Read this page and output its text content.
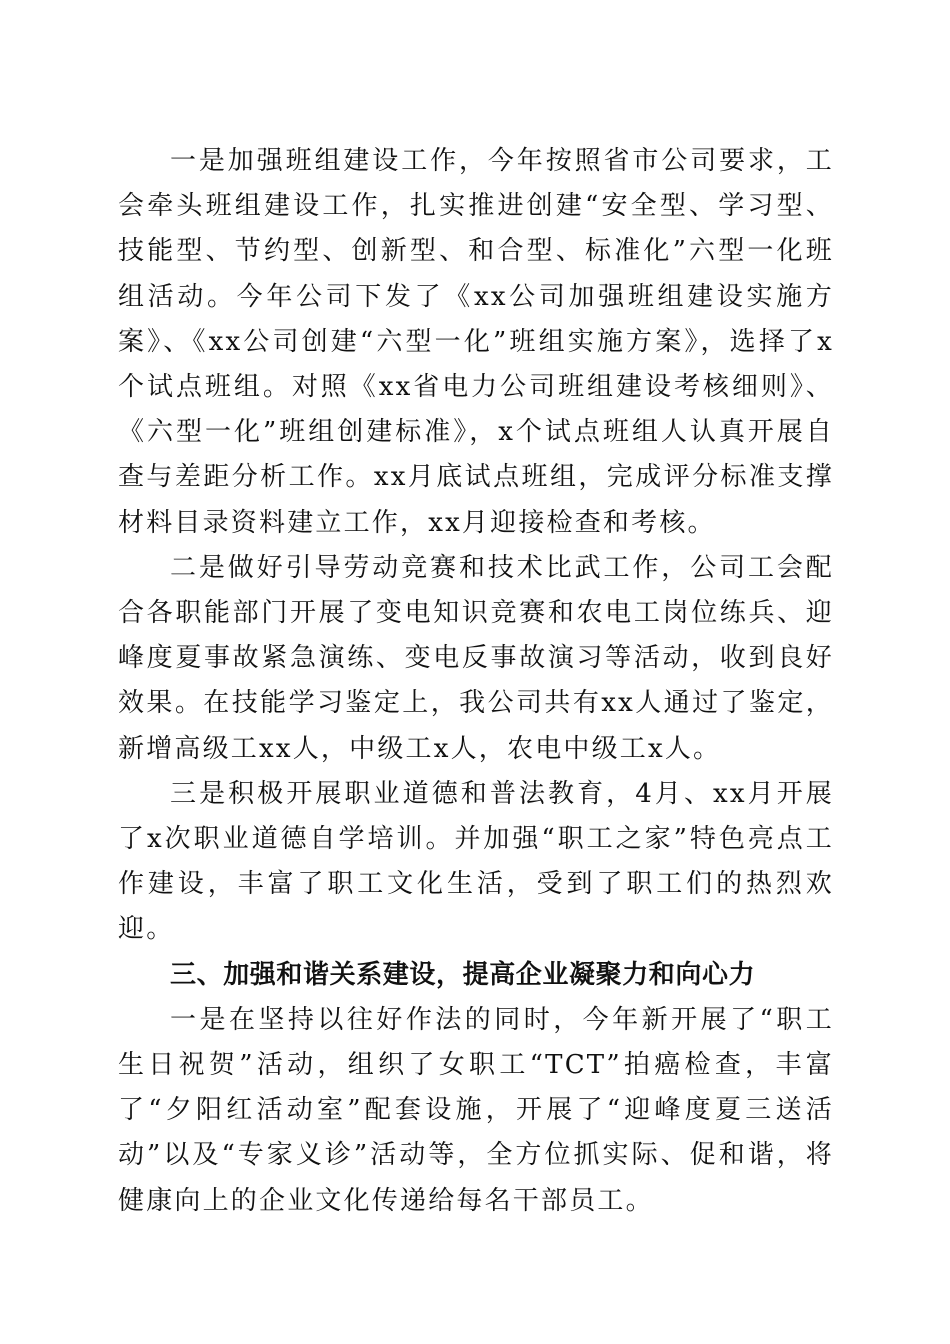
一是加强班组建设工作，今年按照省市公司要求，工会牵头班组建设工作，扎实推进创建“安全型、学习型、技能型、节约型、创新型、和合型、标准化”六型一化班组活动。今年公司下发了《xx公司加强班组建设实施方案》、《xx公司创建“六型一化”班组实施方案》，选择了x个试点班组。对照《xx省电力公司班组建设考核细则》、《六型一化”班组创建标准》，x个试点班组人认真开展自查与差距分析工作。xx月底试点班组，完成评分标准支撑材料目录资料建立工作，xx月迎接检查和考核。

二是做好引导劳动竞赛和技术比武工作，公司工会配合各职能部门开展了变电知识竞赛和农电工岗位练兵、迎峰度夏事故紧急演练、变电反事故演习等活动，收到良好效果。在技能学习鉴定上，我公司共有xx人通过了鉴定，新增高级工xx人，中级工x人，农电中级工x人。

三是积极开展职业道德和普法教育，4月、xx月开展了x次职业道德自学培训。并加强“职工之家”特色亮点工作建设，丰富了职工文化生活，受到了职工们的热烈欢迎。

三、加强和谐关系建设，提高企业凝聚力和向心力

一是在坚持以往好作法的同时，今年新开展了“职工生日祝贺”活动，组织了女职工“TCT”拍癌检查，丰富了“夕阳红活动室”配套设施，开展了“迎峰度夏三送活动”以及“专家义诊”活动等，全方位抓实际、促和谐，将健康向上的企业文化传递给每名干部员工。
